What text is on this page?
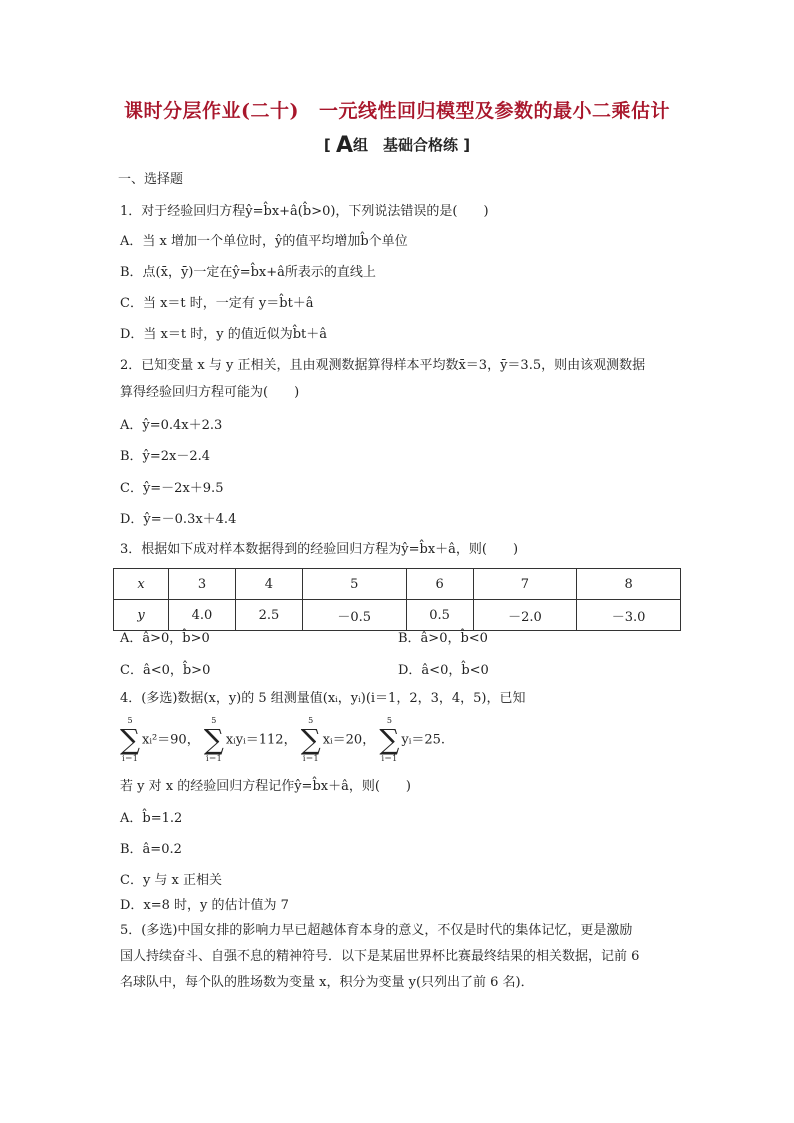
课时分层作业(二十) 一元线性回归模型及参数的最小二乘估计
[ A组　基础合格练 ]
一、选择题
1．对于经验回归方程ŷ=b̂x+â(b̂>0)，下列说法错误的是(　　)
A．当 x 增加一个单位时，ŷ的值平均增加b̂个单位
B．点(x̄，ȳ)一定在ŷ=b̂x+â所表示的直线上
C．当 x＝t 时，一定有 y＝b̂t＋â
D．当 x＝t 时，y 的值近似为b̂t＋â
2．已知变量 x 与 y 正相关，且由观测数据算得样本平均数x̄＝3，ȳ＝3.5，则由该观测数据
算得经验回归方程可能为(　　)
A．ŷ=0.4x＋2.3
B．ŷ=2x－2.4
C．ŷ=－2x＋9.5
D．ŷ=－0.3x＋4.4
3．根据如下成对样本数据得到的经验回归方程为ŷ=b̂x＋â，则(　　)
x	3	4	5	6	7	8
y	4.0	2.5	－0.5	0.5	－2.0	－3.0
A．â>0，b̂>0	B．â>0，b̂<0
C．â<0，b̂>0	D．â<0，b̂<0
4．(多选)数据(x，y)的 5 组测量值(xᵢ，yᵢ)(i＝1，2，3，4，5)，已知
5
∑
i＝1
xᵢ²＝90，
5
∑
i＝1
xᵢyᵢ＝112，
5
∑
i＝1
xᵢ＝20，
5
∑
i＝1
yᵢ＝25.
若 y 对 x 的经验回归方程记作ŷ=b̂x＋â，则(　　)
A．b̂=1.2
B．â=0.2
C．y 与 x 正相关
D．x=8 时，y 的估计值为 7
5．(多选)中国女排的影响力早已超越体育本身的意义，不仅是时代的集体记忆，更是激励
国人持续奋斗、自强不息的精神符号．以下是某届世界杯比赛最终结果的相关数据，记前 6
名球队中，每个队的胜场数为变量 x，积分为变量 y(只列出了前 6 名)．
